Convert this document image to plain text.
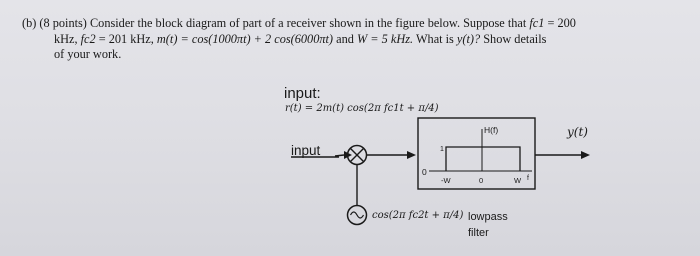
(b) (8 points) Consider the block diagram of part of a receiver shown in the figure below. Suppose that fc1 = 200
kHz, fc2 = 201 kHz, m(t) = cos(1000πt) + 2 cos(6000πt) and W = 5 kHz. What is y(t)? Show details
of your work.
input:
r(t) = 2m(t) cos(2π fc1t + π/4)
input
cos(2π fc2t + π/4)
H(f)
1
0
-W	0	W f
y(t)
lowpass
filter
